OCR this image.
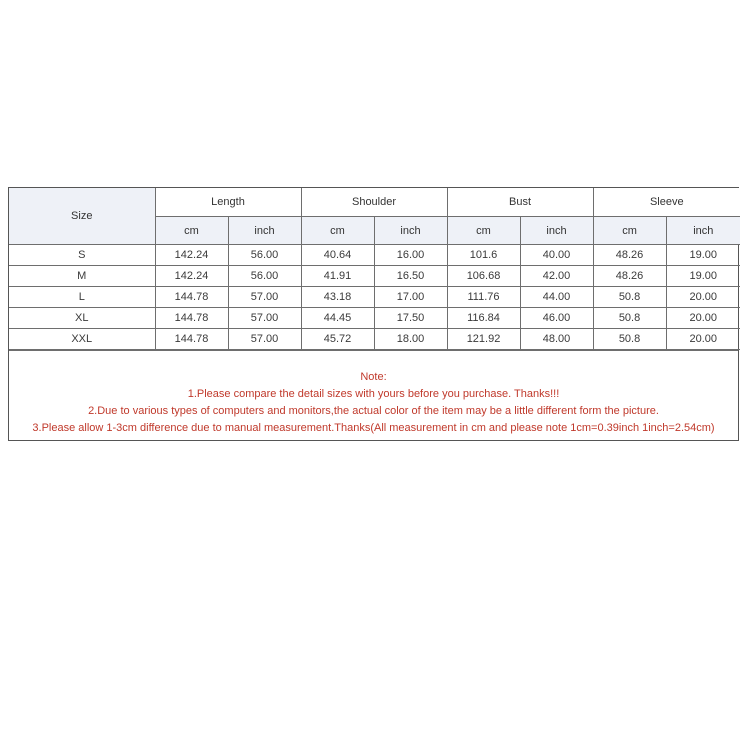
Size	Length		Shoulder		Bust		Sleeve	
	cm	inch	cm	inch	cm	inch	cm	inch
S	142.24	56.00	40.64	16.00	101.6	40.00	48.26	19.00
M	142.24	56.00	41.91	16.50	106.68	42.00	48.26	19.00
L	144.78	57.00	43.18	17.00	111.76	44.00	50.8	20.00
XL	144.78	57.00	44.45	17.50	116.84	46.00	50.8	20.00
XXL	144.78	57.00	45.72	18.00	121.92	48.00	50.8	20.00
Note:
1.Please compare the detail sizes with yours before you purchase. Thanks!!!
2.Due to various types of computers and monitors,the actual color of the item may be a little different form the picture.
3.Please allow 1-3cm difference due to manual measurement.Thanks(All measurement in cm and please note 1cm=0.39inch 1inch=2.54cm)
